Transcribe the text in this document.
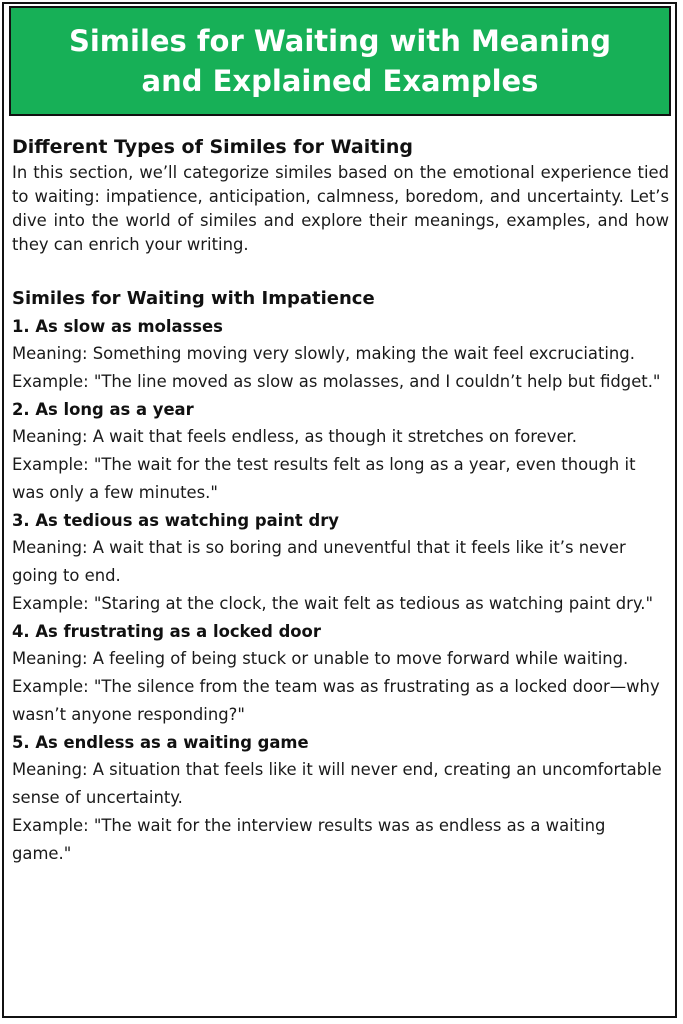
Similes for Waiting with Meaning and Explained Examples
Different Types of Similes for Waiting

In this section, we’ll categorize similes based on the emotional experience tied to waiting: impatience, anticipation, calmness, boredom, and uncertainty. Let’s dive into the world of similes and explore their meanings, examples, and how they can enrich your writing.

Similes for Waiting with Impatience
1. As slow as molasses
Meaning: Something moving very slowly, making the wait feel excruciating.
Example: "The line moved as slow as molasses, and I couldn’t help but fidget."
2. As long as a year
Meaning: A wait that feels endless, as though it stretches on forever.
Example: "The wait for the test results felt as long as a year, even though it was only a few minutes."
3. As tedious as watching paint dry
Meaning: A wait that is so boring and uneventful that it feels like it’s never going to end.
Example: "Staring at the clock, the wait felt as tedious as watching paint dry."
4. As frustrating as a locked door
Meaning: A feeling of being stuck or unable to move forward while waiting.
Example: "The silence from the team was as frustrating as a locked door—why wasn’t anyone responding?"
5. As endless as a waiting game
Meaning: A situation that feels like it will never end, creating an uncomfortable sense of uncertainty.
Example: "The wait for the interview results was as endless as a waiting game."
